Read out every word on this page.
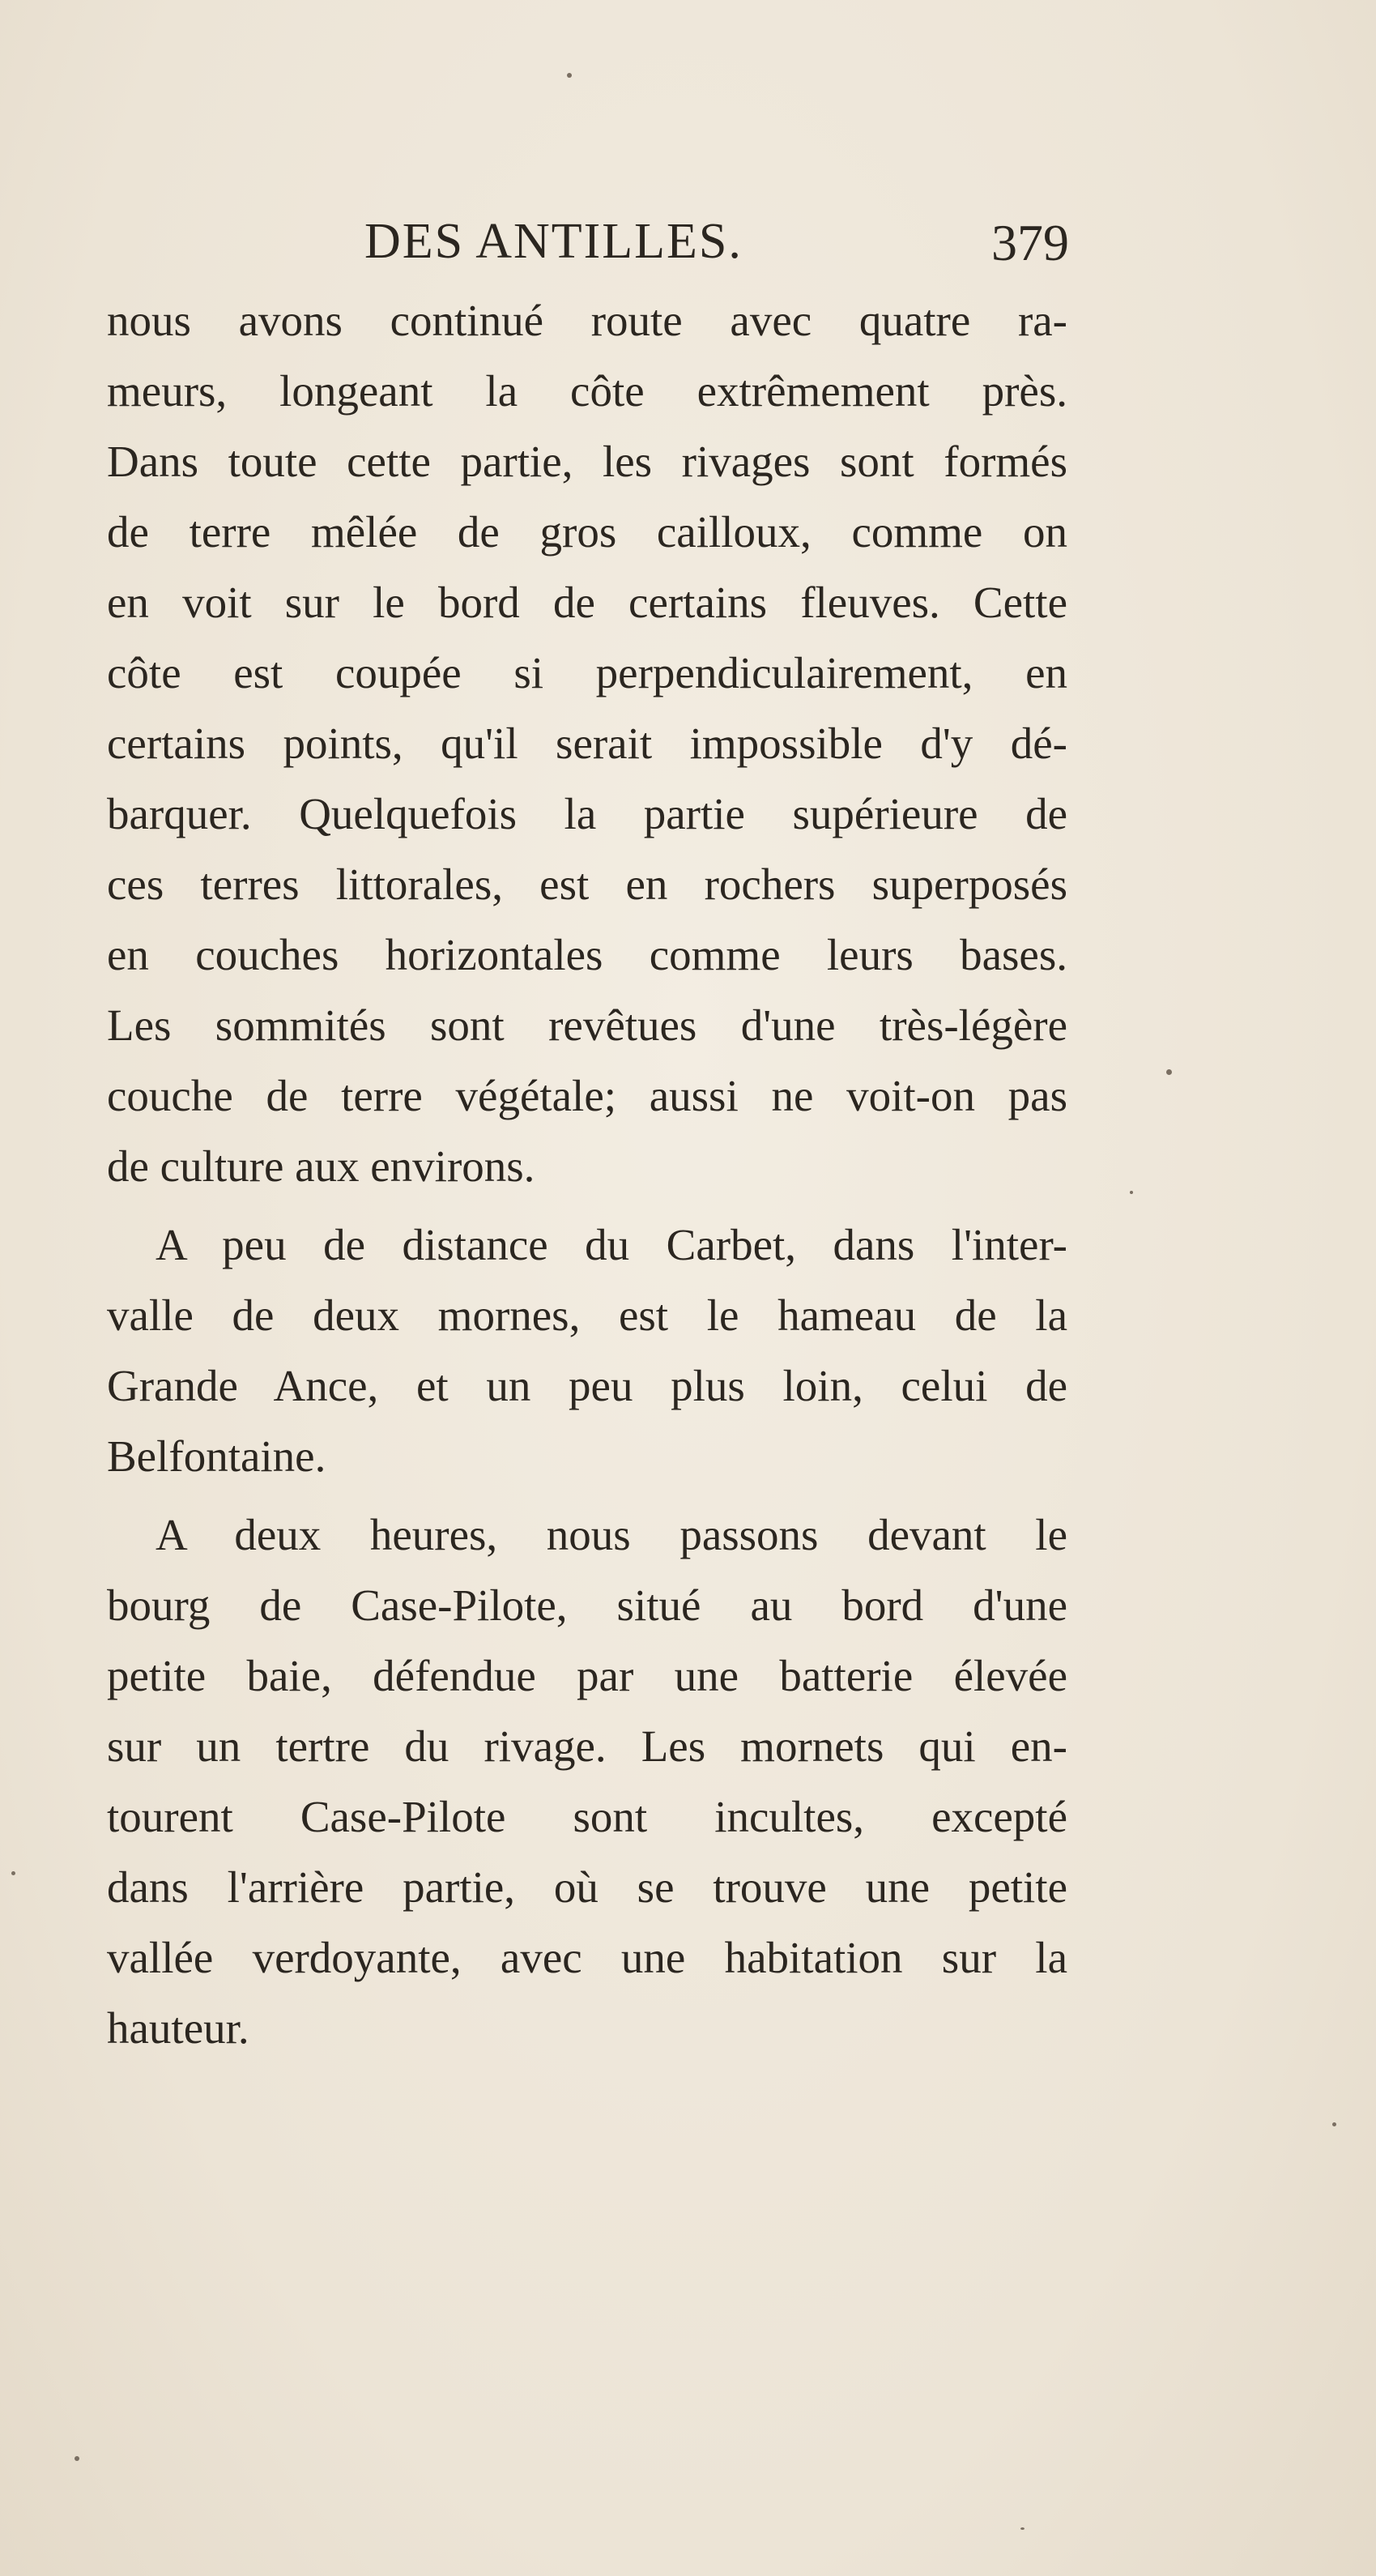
DES ANTILLES.	379
nous avons continué route avec quatre ra-
meurs, longeant la côte extrêmement près.
Dans toute cette partie, les rivages sont formés
de terre mêlée de gros cailloux, comme on
en voit sur le bord de certains fleuves. Cette
côte est coupée si perpendiculairement, en
certains points, qu'il serait impossible d'y dé-
barquer. Quelquefois la partie supérieure de
ces terres littorales, est en rochers superposés
en couches horizontales comme leurs bases.
Les sommités sont revêtues d'une très-légère
couche de terre végétale; aussi ne voit-on pas
de culture aux environs.
A peu de distance du Carbet, dans l'inter-
valle de deux mornes, est le hameau de la
Grande Ance, et un peu plus loin, celui de
Belfontaine.
A deux heures, nous passons devant le
bourg de Case-Pilote, situé au bord d'une
petite baie, défendue par une batterie élevée
sur un tertre du rivage. Les mornets qui en-
tourent Case-Pilote sont incultes, excepté
dans l'arrière partie, où se trouve une petite
vallée verdoyante, avec une habitation sur la
hauteur.
